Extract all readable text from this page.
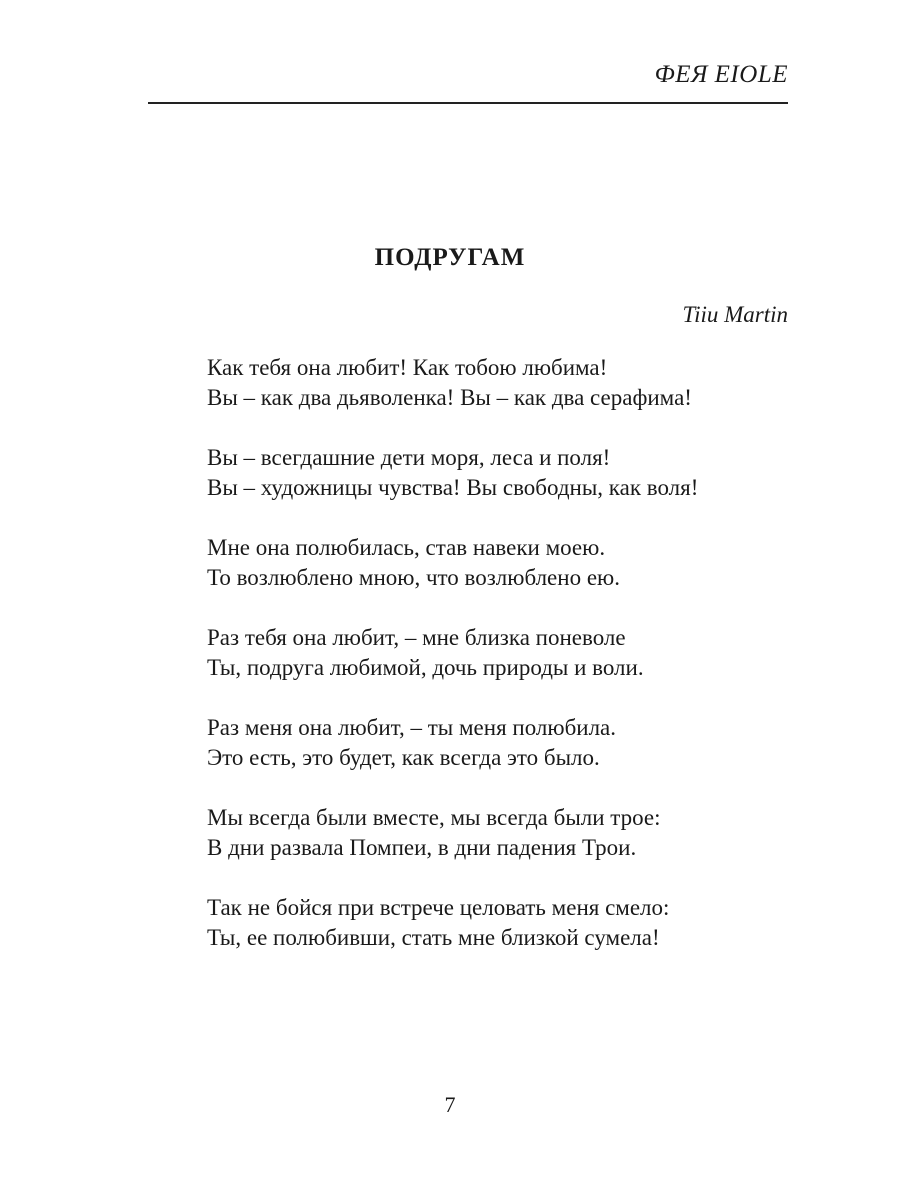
ФЕЯ EIOLE
ПОДРУГАМ
Tiiu Martin
Как тебя она любит! Как тобою любима!
Вы – как два дьяволенка! Вы – как два серафима!
Вы – всегдашние дети моря, леса и поля!
Вы – художницы чувства! Вы свободны, как воля!
Мне она полюбилась, став навеки моею.
То возлюблено мною, что возлюблено ею.
Раз тебя она любит, – мне близка поневоле
Ты, подруга любимой, дочь природы и воли.
Раз меня она любит, – ты меня полюбила.
Это есть, это будет, как всегда это было.
Мы всегда были вместе, мы всегда были трое:
В дни развала Помпеи, в дни падения Трои.
Так не бойся при встрече целовать меня смело:
Ты, ее полюбивши, стать мне близкой сумела!
7
